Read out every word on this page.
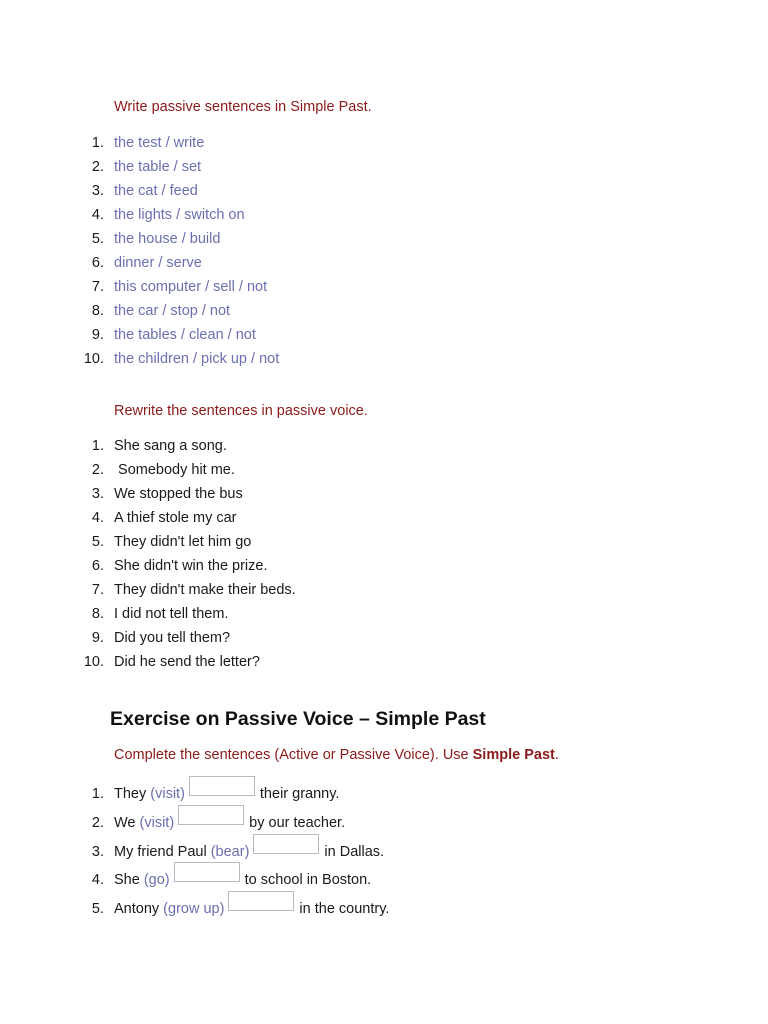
Write passive sentences in Simple Past.
1. the test / write
2. the table / set
3. the cat / feed
4. the lights / switch on
5. the house / build
6. dinner / serve
7. this computer / sell / not
8. the car / stop / not
9. the tables / clean / not
10. the children / pick up / not
Rewrite the sentences in passive voice.
1. She sang a song.
2. Somebody hit me.
3. We stopped the bus
4. A thief stole my car
5. They didn't let him go
6. She didn't win the prize.
7. They didn't make their beds.
8. I did not tell them.
9. Did you tell them?
10. Did he send the letter?
Exercise on Passive Voice – Simple Past
Complete the sentences (Active or Passive Voice). Use Simple Past.
1. They (visit)	their granny.
2. We (visit)	by our teacher.
3. My friend Paul (bear)	in Dallas.
4. She (go)	to school in Boston.
5. Antony (grow up)	in the country.
